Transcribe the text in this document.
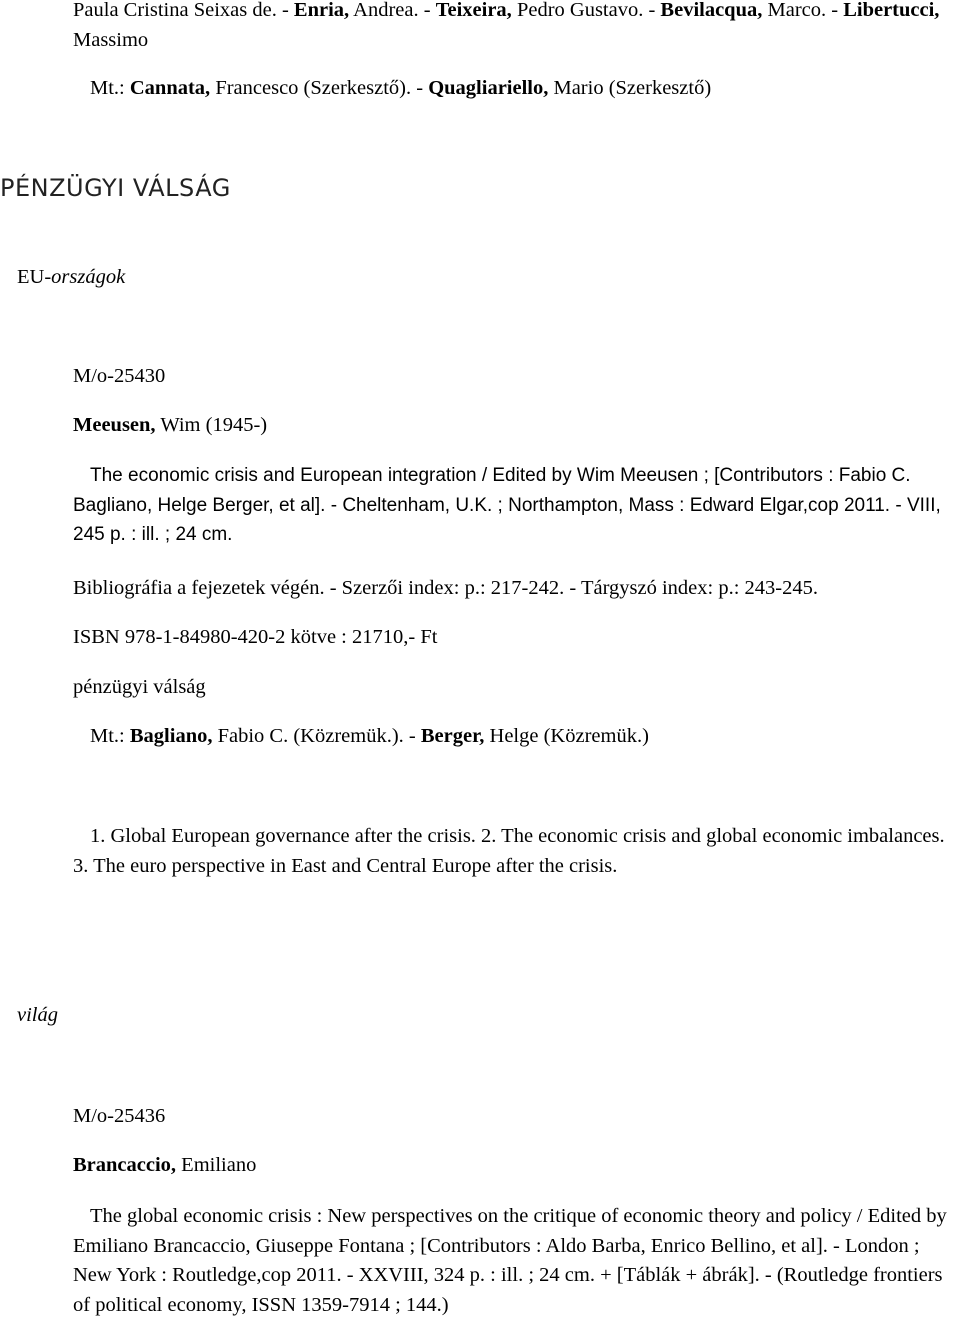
Paula Cristina Seixas de. - Enria, Andrea. - Teixeira, Pedro Gustavo. - Bevilacqua, Marco. - Libertucci, Massimo

Mt.: Cannata, Francesco (Szerkesztő). - Quagliariello, Mario (Szerkesztő)

PÉNZÜGYI VÁLSÁG

EU-országok

M/o-25430

Meeusen, Wim (1945-)

The economic crisis and European integration / Edited by Wim Meeusen ; [Contributors : Fabio C. Bagliano, Helge Berger, et al]. - Cheltenham, U.K. ; Northampton, Mass : Edward Elgar,cop 2011. - VIII, 245 p. : ill. ; 24 cm.

Bibliográfia a fejezetek végén. - Szerzői index: p.: 217-242. - Tárgyszó index: p.: 243-245.

ISBN 978-1-84980-420-2 kötve : 21710,- Ft

pénzügyi válság

Mt.: Bagliano, Fabio C. (Közremük.). - Berger, Helge (Közremük.)

1. Global European governance after the crisis. 2. The economic crisis and global economic imbalances. 3. The euro perspective in East and Central Europe after the crisis.

világ

M/o-25436

Brancaccio, Emiliano

The global economic crisis : New perspectives on the critique of economic theory and policy / Edited by Emiliano Brancaccio, Giuseppe Fontana ; [Contributors : Aldo Barba, Enrico Bellino, et al]. - London ; New York : Routledge,cop 2011. - XXVIII, 324 p. : ill. ; 24 cm. + [Táblák + ábrák]. - (Routledge frontiers of political economy, ISSN 1359-7914 ; 144.)
